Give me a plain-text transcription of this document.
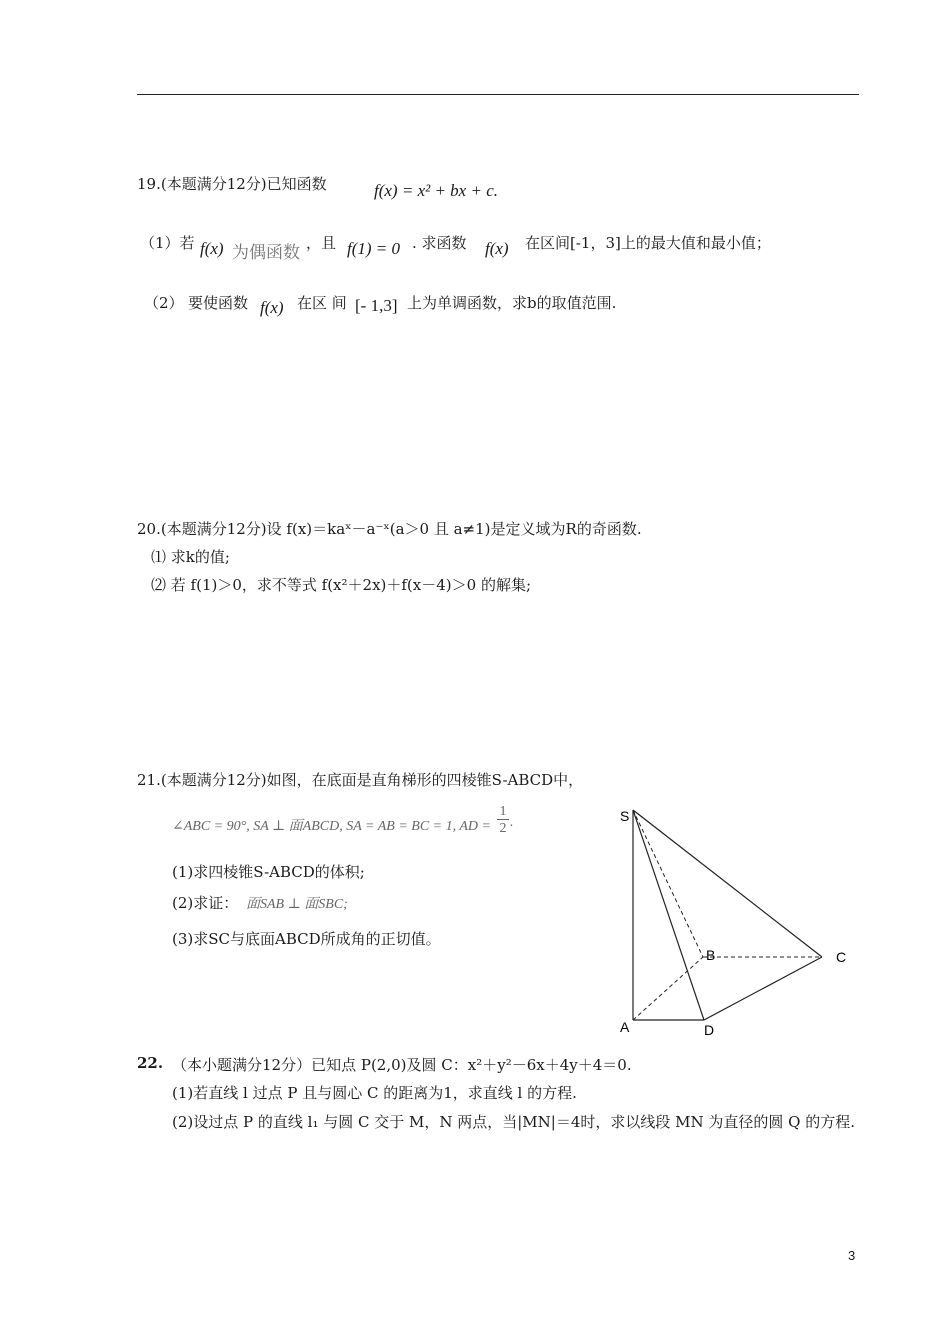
19.(本题满分12分)已知函数	f(x) = x² + bx + c.
（1）若 f(x) 为偶函数 ，且 f(1) = 0 . 求函数 f(x) 在区间[-1，3]上的最大值和最小值；
（2） 要使函数 f(x) 在区 间 [- 1,3] 上为单调函数，求b的取值范围.
20.(本题满分12分)设 f(x)＝kaˣ－a⁻ˣ(a＞0 且 a≠1)是定义域为R的奇函数.
⑴ 求k的值;
⑵ 若 f(1)＞0，求不等式 f(x²＋2x)＋f(x－4)＞0 的解集;
21.(本题满分12分)如图，在底面是直角梯形的四棱锥S-ABCD中，
∠ABC = 90°, SA ⊥ 面ABCD, SA = AB = BC = 1, AD = $\frac{1}{2}$ .
(1)求四棱锥S-ABCD的体积;
(2)求证： 面SAB ⊥ 面SBC;
(3)求SC与底面ABCD所成角的正切值。
S
A
B	C
D
22. （本小题满分12分）已知点 P(2,0)及圆 C：x²＋y²－6x＋4y＋4＝0.
(1)若直线 l 过点 P 且与圆心 C 的距离为1，求直线 l 的方程.
(2)设过点 P 的直线 l₁ 与圆 C 交于 M，N 两点，当|MN|＝4时，求以线段 MN 为直径的圆 Q 的方程.
3
